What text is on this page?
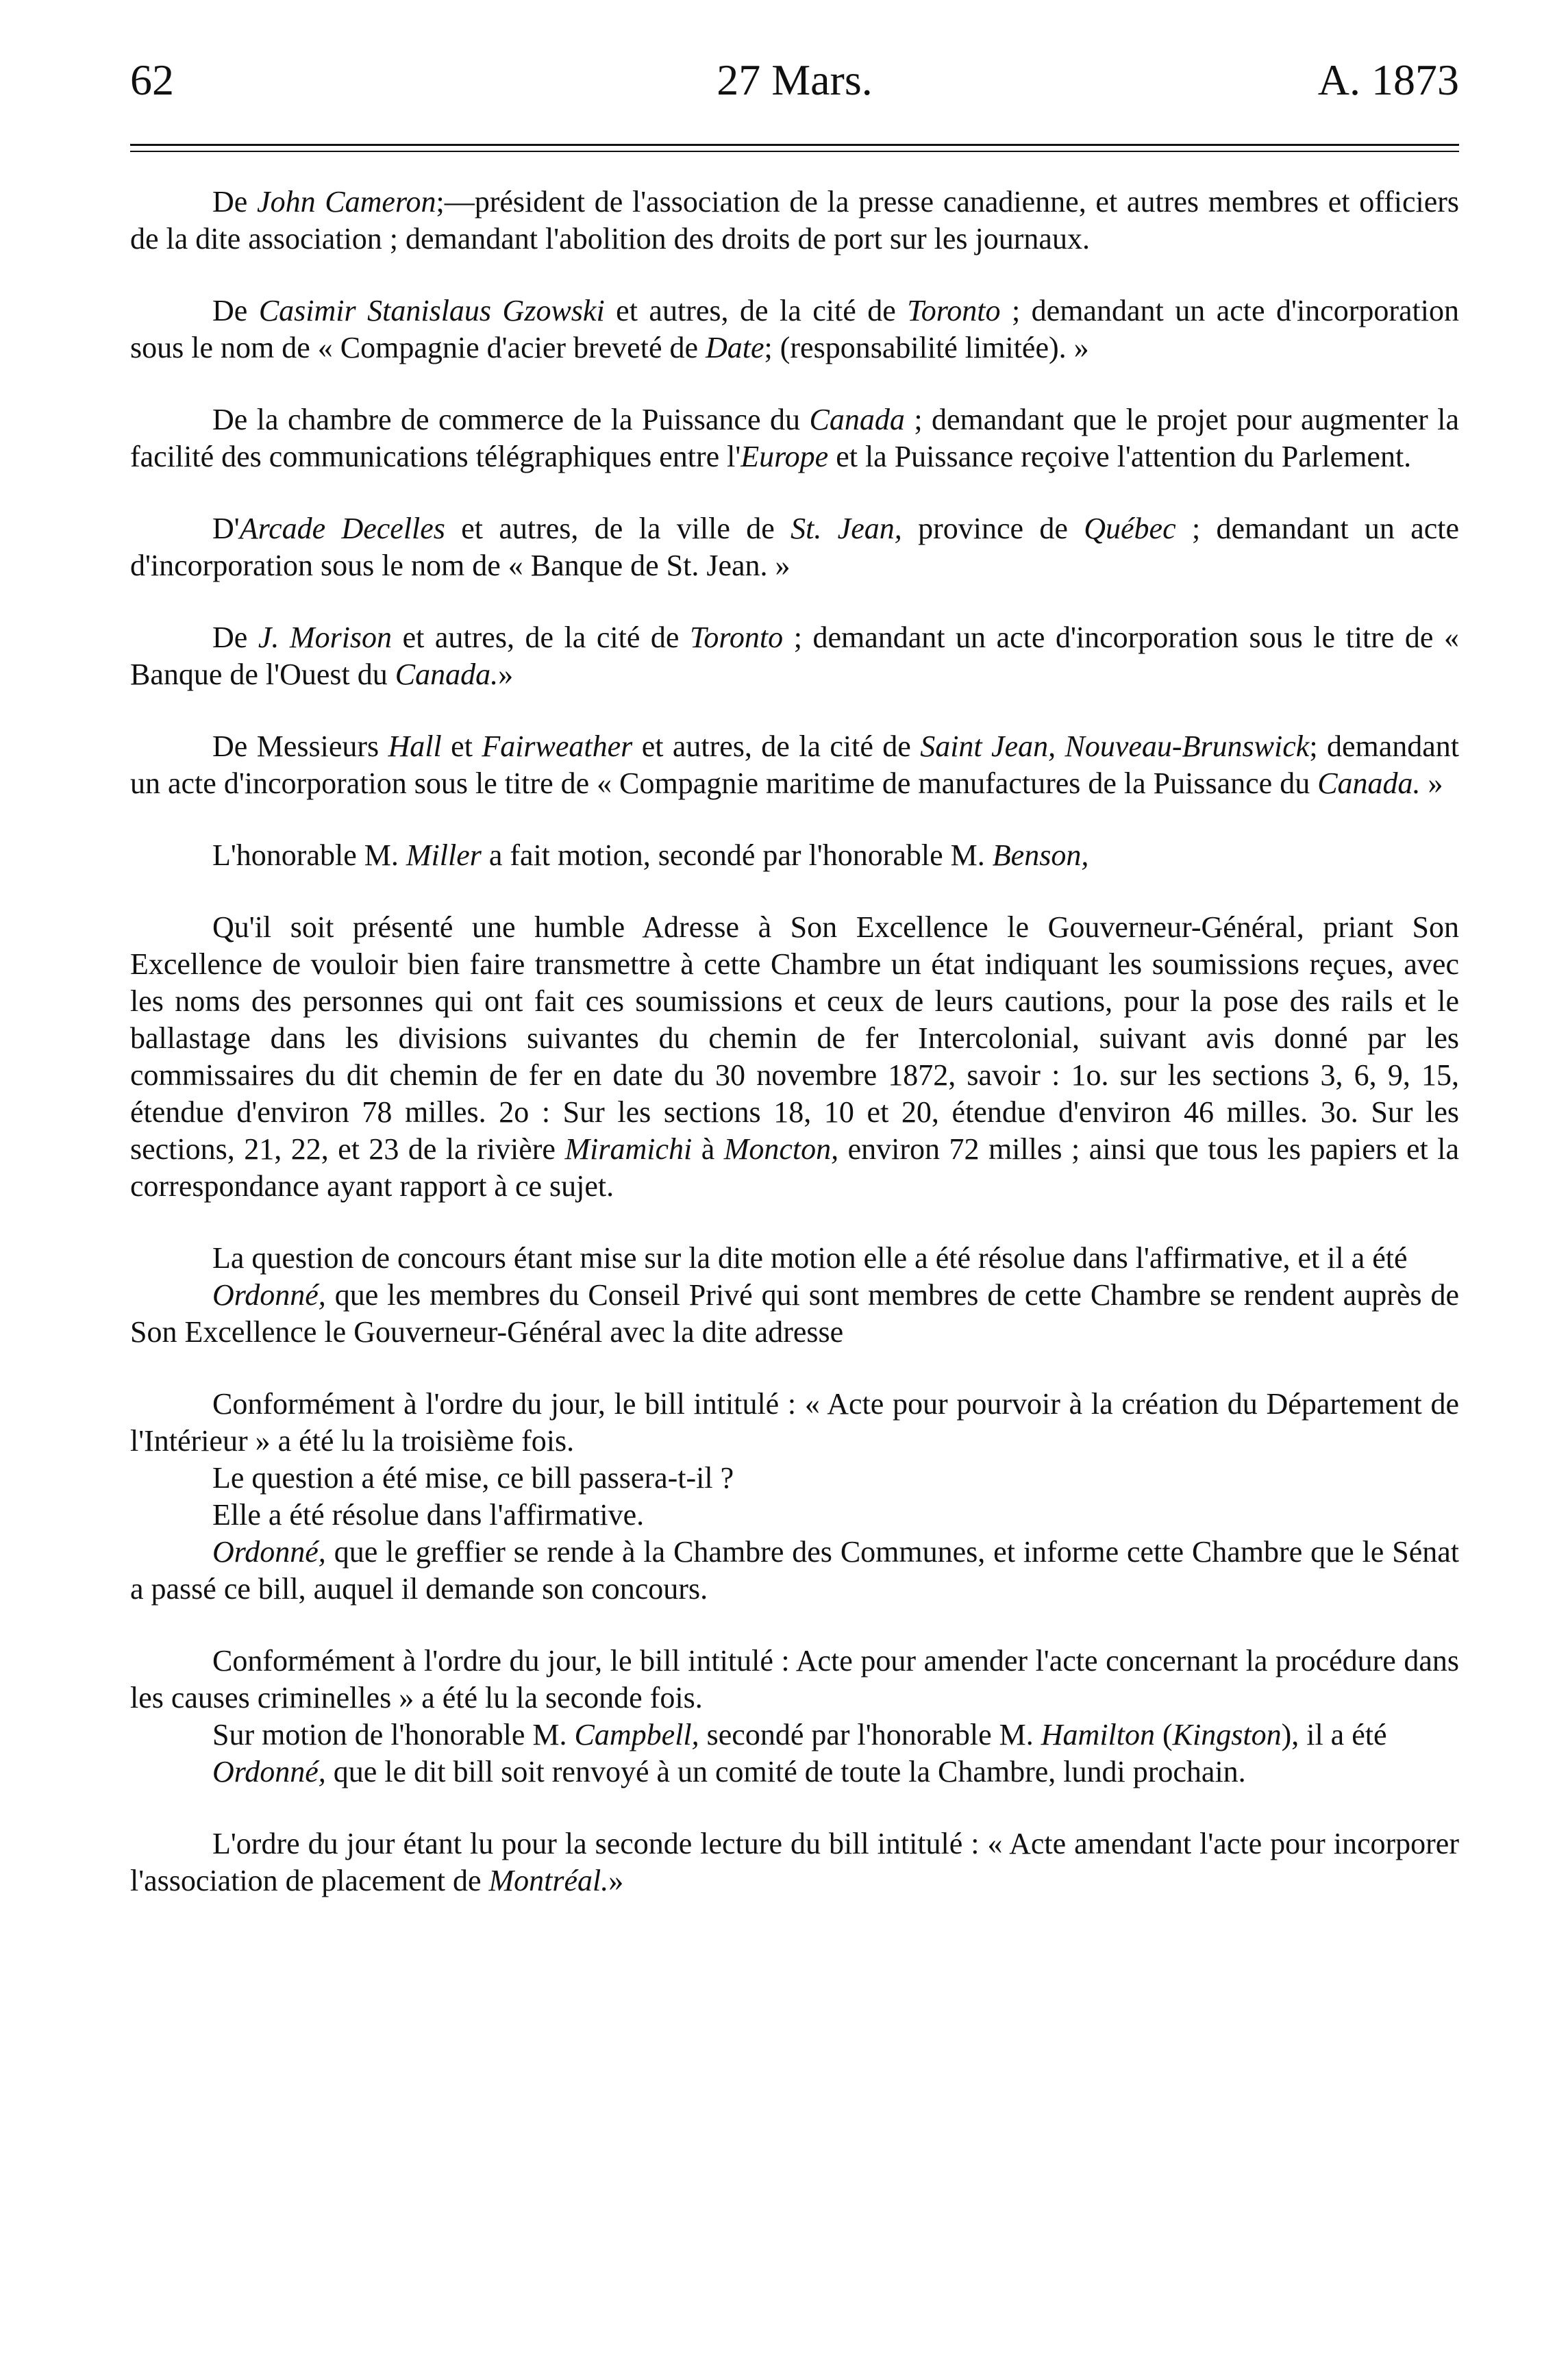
62	27 Mars.	A. 1873

De John Cameron;—président de l'association de la presse canadienne, et autres membres et officiers de la dite association ; demandant l'abolition des droits de port sur les journaux.

De Casimir Stanislaus Gzowski et autres, de la cité de Toronto ; demandant un acte d'incorporation sous le nom de « Compagnie d'acier breveté de Date; (responsabilité limitée). »

De la chambre de commerce de la Puissance du Canada ; demandant que le projet pour augmenter la facilité des communications télégraphiques entre l'Europe et la Puissance reçoive l'attention du Parlement.

D'Arcade Decelles et autres, de la ville de St. Jean, province de Québec ; demandant un acte d'incorporation sous le nom de « Banque de St. Jean. »

De J. Morison et autres, de la cité de Toronto ; demandant un acte d'incorporation sous le titre de « Banque de l'Ouest du Canada.»

De Messieurs Hall et Fairweather et autres, de la cité de Saint Jean, Nouveau-Brunswick; demandant un acte d'incorporation sous le titre de « Compagnie maritime de manufactures de la Puissance du Canada. »

L'honorable M. Miller a fait motion, secondé par l'honorable M. Benson,

Qu'il soit présenté une humble Adresse à Son Excellence le Gouverneur-Général, priant Son Excellence de vouloir bien faire transmettre à cette Chambre un état indiquant les soumissions reçues, avec les noms des personnes qui ont fait ces soumissions et ceux de leurs cautions, pour la pose des rails et le ballastage dans les divisions suivantes du chemin de fer Intercolonial, suivant avis donné par les commissaires du dit chemin de fer en date du 30 novembre 1872, savoir : 1o. sur les sections 3, 6, 9, 15, étendue d'environ 78 milles. 2o : Sur les sections 18, 10 et 20, étendue d'environ 46 milles. 3o. Sur les sections, 21, 22, et 23 de la rivière Miramichi à Moncton, environ 72 milles ; ainsi que tous les papiers et la correspondance ayant rapport à ce sujet.

La question de concours étant mise sur la dite motion elle a été résolue dans l'affirmative, et il a été

Ordonné, que les membres du Conseil Privé qui sont membres de cette Chambre se rendent auprès de Son Excellence le Gouverneur-Général avec la dite adresse

Conformément à l'ordre du jour, le bill intitulé : « Acte pour pourvoir à la création du Département de l'Intérieur » a été lu la troisième fois.

Le question a été mise, ce bill passera-t-il ?

Elle a été résolue dans l'affirmative.

Ordonné, que le greffier se rende à la Chambre des Communes, et informe cette Chambre que le Sénat a passé ce bill, auquel il demande son concours.

Conformément à l'ordre du jour, le bill intitulé : Acte pour amender l'acte concernant la procédure dans les causes criminelles » a été lu la seconde fois.

Sur motion de l'honorable M. Campbell, secondé par l'honorable M. Hamilton (Kingston), il a été

Ordonné, que le dit bill soit renvoyé à un comité de toute la Chambre, lundi prochain.

L'ordre du jour étant lu pour la seconde lecture du bill intitulé : « Acte amendant l'acte pour incorporer l'association de placement de Montréal.»
